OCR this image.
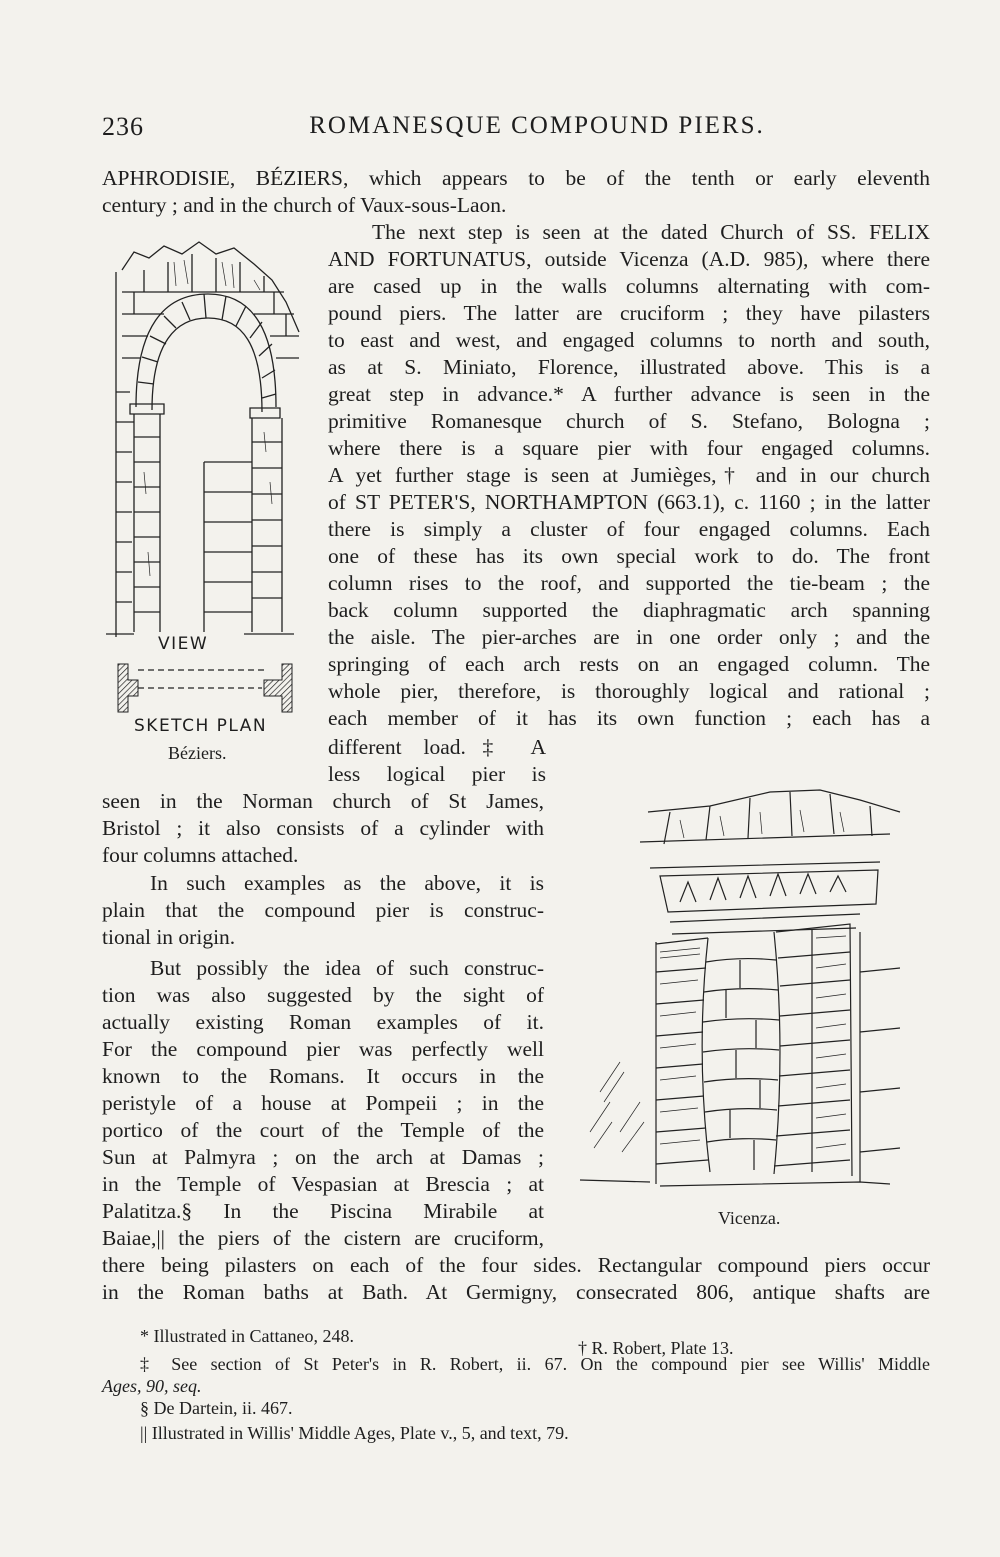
236	ROMANESQUE COMPOUND PIERS.
APHRODISIE, BÉZIERS, which appears to be of the tenth or early eleventh
century ; and in the church of Vaux-sous-Laon.
The next step is seen at the dated Church of SS. FELIX
AND FORTUNATUS, outside Vicenza (A.D. 985), where there
are cased up in the walls columns alternating with com-
pound piers. The latter are cruciform ; they have pilasters
to east and west, and engaged columns to north and south,
as at S. Miniato, Florence, illustrated above. This is a
great step in advance.* A further advance is seen in the
primitive Romanesque church of S. Stefano, Bologna ;
where there is a square pier with four engaged columns.
A yet further stage is seen at Jumièges,† and in our church
of ST PETER'S, NORTHAMPTON (663.1), c. 1160 ; in the latter
there is simply a cluster of four engaged columns. Each
one of these has its own special work to do. The front
column rises to the roof, and supported the tie-beam ; the
back column supported the diaphragmatic arch spanning
the aisle. The pier-arches are in one order only ; and the
springing of each arch rests on an engaged column. The
whole pier, therefore, is thoroughly logical and rational ;
each member of it has its own function ; each has a
different load.‡ A
less logical pier is
seen in the Norman church of St James,
Bristol ; it also consists of a cylinder with
four columns attached.
In such examples as the above, it is
plain that the compound pier is construc-
tional in origin.
But possibly the idea of such construc-
tion was also suggested by the sight of
actually existing Roman examples of it.
For the compound pier was perfectly well
known to the Romans. It occurs in the
peristyle of a house at Pompeii ; in the
portico of the court of the Temple of the
Sun at Palmyra ; on the arch at Damas ;
in the Temple of Vespasian at Brescia ; at
Palatitza.§ In the Piscina Mirabile at
Baiae,|| the piers of the cistern are cruciform,
there being pilasters on each of the four sides. Rectangular compound piers occur
in the Roman baths at Bath. At Germigny, consecrated 806, antique shafts are
VIEW
SKETCH PLAN
Béziers.
Vicenza.
* Illustrated in Cattaneo, 248.
† R. Robert, Plate 13.
‡ See section of St Peter's in R. Robert, ii. 67. On the compound pier see Willis' Middle
Ages, 90, seq.
§ De Dartein, ii. 467.
|| Illustrated in Willis' Middle Ages, Plate v., 5, and text, 79.
